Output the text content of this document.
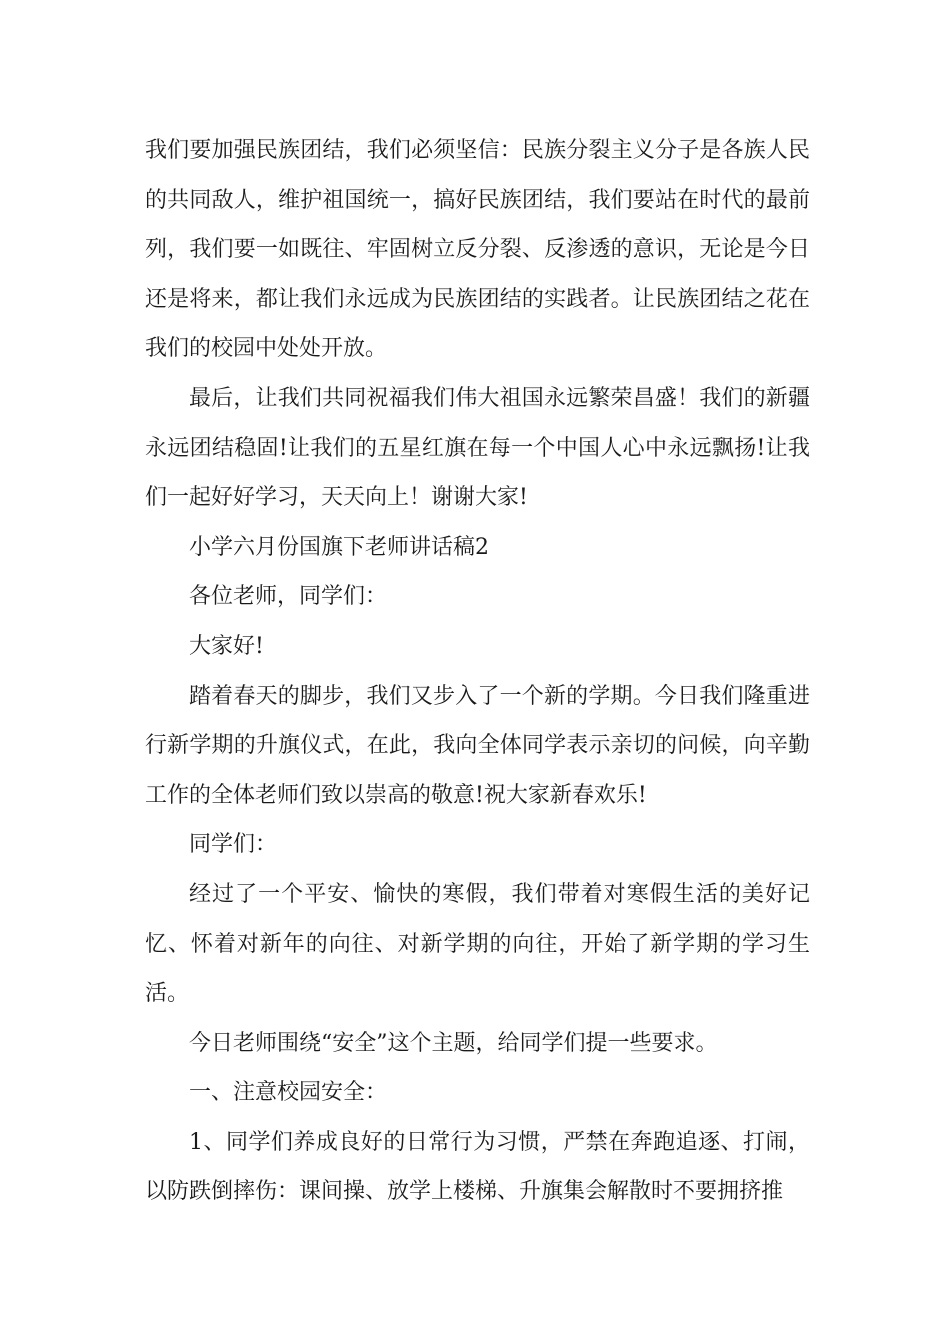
我们要加强民族团结，我们必须坚信：民族分裂主义分子是各族人民的共同敌人，维护祖国统一，搞好民族团结，我们要站在时代的最前列，我们要一如既往、牢固树立反分裂、反渗透的意识，无论是今日还是将来，都让我们永远成为民族团结的实践者。让民族团结之花在我们的校园中处处开放。

最后，让我们共同祝福我们伟大祖国永远繁荣昌盛！我们的新疆永远团结稳固!让我们的五星红旗在每一个中国人心中永远飘扬!让我们一起好好学习，天天向上！谢谢大家!

小学六月份国旗下老师讲话稿2

各位老师，同学们：

大家好!

踏着春天的脚步，我们又步入了一个新的学期。今日我们隆重进行新学期的升旗仪式，在此，我向全体同学表示亲切的问候，向辛勤工作的全体老师们致以崇高的敬意!祝大家新春欢乐!

同学们：

经过了一个平安、愉快的寒假，我们带着对寒假生活的美好记忆、怀着对新年的向往、对新学期的向往，开始了新学期的学习生活。

今日老师围绕“安全”这个主题，给同学们提一些要求。

一、注意校园安全：

1、同学们养成良好的日常行为习惯，严禁在奔跑追逐、打闹，以防跌倒摔伤：课间操、放学上楼梯、升旗集会解散时不要拥挤推
